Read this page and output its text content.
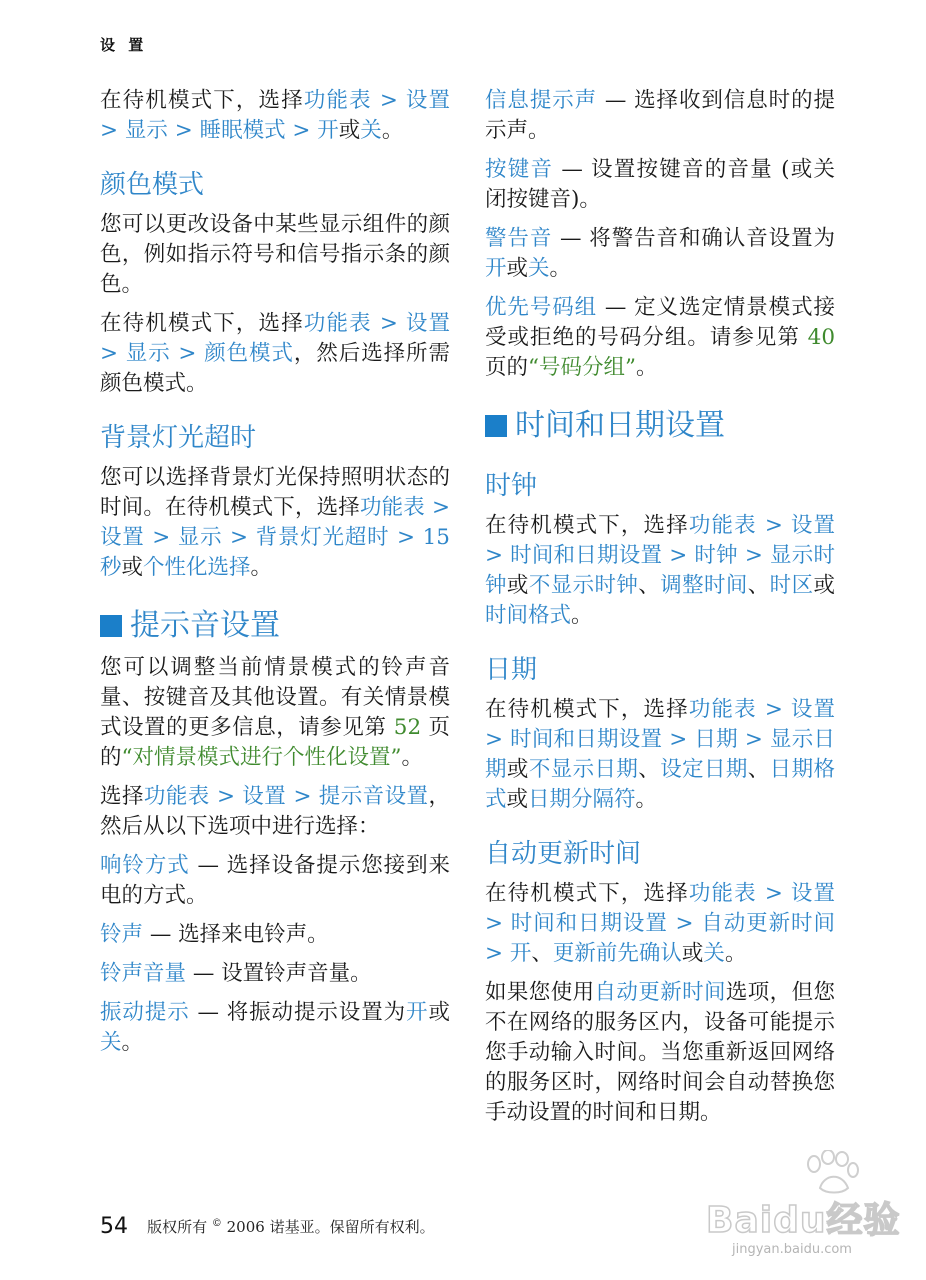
设 置

在待机模式下，选择功能表 > 设置 > 显示 > 睡眠模式 > 开或关。

颜色模式

您可以更改设备中某些显示组件的颜色，例如指示符号和信号指示条的颜色。

在待机模式下，选择功能表 > 设置 > 显示 > 颜色模式，然后选择所需颜色模式。

背景灯光超时

您可以选择背景灯光保持照明状态的时间。在待机模式下，选择功能表 > 设置 > 显示 > 背景灯光超时 > 15秒或个性化选择。

提示音设置

您可以调整当前情景模式的铃声音量、按键音及其他设置。有关情景模式设置的更多信息，请参见第 52 页的“对情景模式进行个性化设置”。

选择功能表 > 设置 > 提示音设置，然后从以下选项中进行选择：

响铃方式 — 选择设备提示您接到来电的方式。

铃声 — 选择来电铃声。

铃声音量 — 设置铃声音量。

振动提示 — 将振动提示设置为开或关。

信息提示声 — 选择收到信息时的提示声。

按键音 — 设置按键音的音量 (或关闭按键音)。

警告音 — 将警告音和确认音设置为开或关。

优先号码组 — 定义选定情景模式接受或拒绝的号码分组。请参见第 40 页的“号码分组”。

时间和日期设置
时钟

在待机模式下，选择功能表 > 设置 > 时间和日期设置 > 时钟 > 显示时钟或不显示时钟、调整时间、时区或时间格式。

日期

在待机模式下，选择功能表 > 设置 > 时间和日期设置 > 日期 > 显示日期或不显示日期、设定日期、日期格式或日期分隔符。

自动更新时间

在待机模式下，选择功能表 > 设置 > 时间和日期设置 > 自动更新时间 > 开、更新前先确认或关。

如果您使用自动更新时间选项，但您不在网络的服务区内，设备可能提示您手动输入时间。当您重新返回网络的服务区时，网络时间会自动替换您手动设置的时间和日期。

54 版权所有 © 2006 诺基亚。保留所有权利。	Baidu经验
jingyan.baidu.com
